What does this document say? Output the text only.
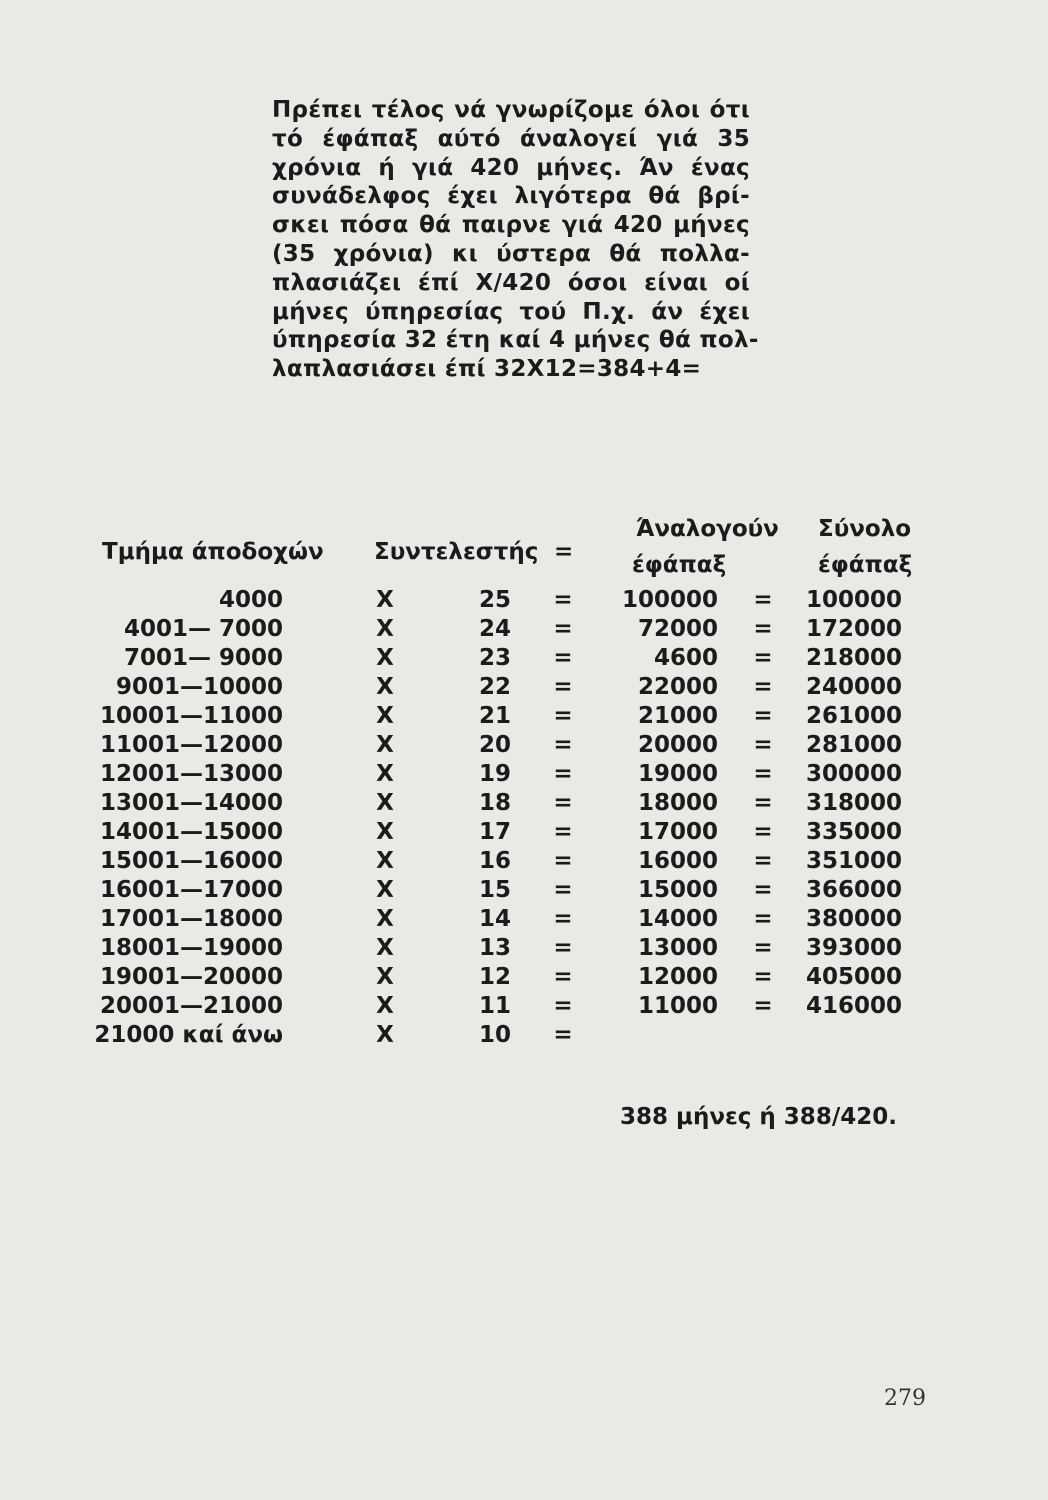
Πρέπει τέλος νά γνωρίζομε όλοι ότι
τό έφάπαξ αύτό άναλογεί γιά 35
χρόνια ή γιά 420 μήνες. Άν ένας
συνάδελφος έχει λιγότερα θά βρί-
σκει πόσα θά παιρνε γιά 420 μήνες
(35 χρόνια) κι ύστερα θά πολλα-
πλασιάζει έπί Χ/420 όσοι είναι οί
μήνες ύπηρεσίας τού Π.χ. άν έχει
ύπηρεσία 32 έτη καί 4 μήνες θά πολ-
λαπλασιάσει έπί 32Χ12=384+4=
Τμήμα άποδοχών Συντελεστής =
Άναλογούν
έφάπαξ
Σύνολο
έφάπαξ
4000	Χ	25	= 100000 = 100000
4001— 7000	Χ	24	=	72000 = 172000
7001— 9000	Χ	23	=	4600 = 218000
9001—10000	Χ	22	=	22000 = 240000
10001—11000	Χ	21	=	21000 = 261000
11001—12000	Χ	20	=	20000 = 281000
12001—13000	Χ	19	=	19000 = 300000
13001—14000	Χ	18	=	18000 = 318000
14001—15000	Χ	17	=	17000 = 335000
15001—16000	Χ	16	=	16000 = 351000
16001—17000	Χ	15	=	15000 = 366000
17001—18000	Χ	14	=	14000 = 380000
18001—19000	Χ	13	=	13000 = 393000
19001—20000	Χ	12	=	12000 = 405000
20001—21000	Χ	11	=	11000 = 416000
21000 καί άνω	Χ	10	=
388 μήνες ή 388/420.
279
